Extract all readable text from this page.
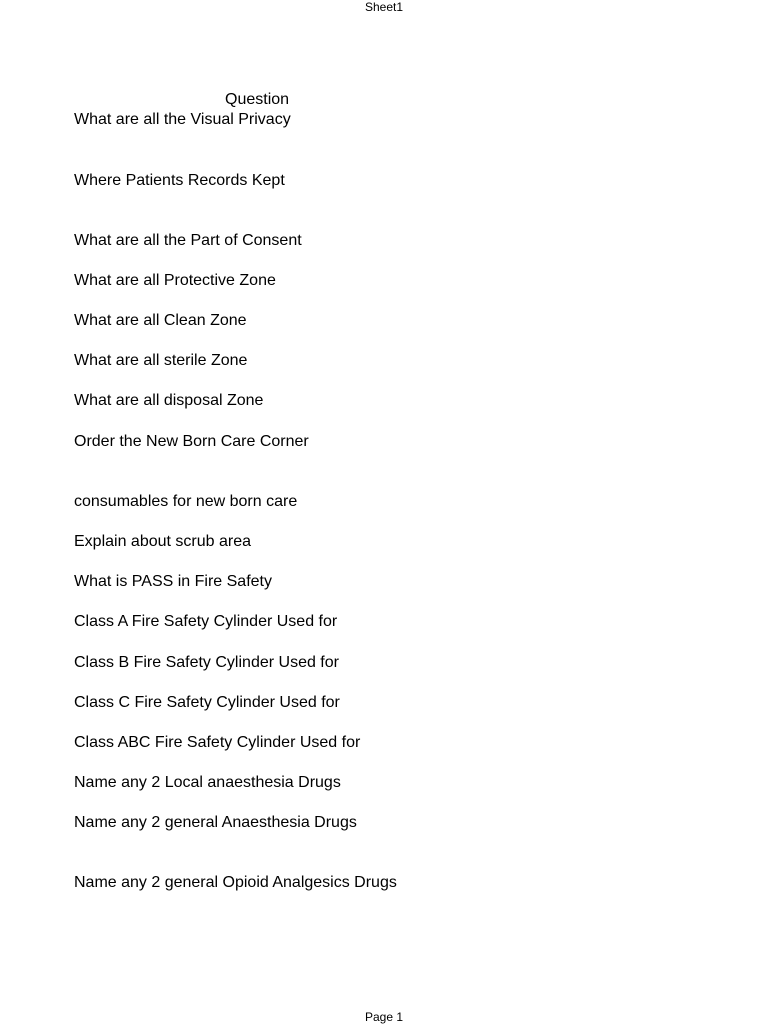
Sheet1
Question
What are all the Visual Privacy
Where Patients Records Kept
What are all the Part of Consent
What are all Protective Zone
What are all Clean Zone
What are all sterile Zone
What are all disposal Zone
Order the New Born Care Corner
consumables for new born care
Explain about scrub area
What is PASS in Fire Safety
Class A Fire Safety Cylinder Used for
Class B Fire Safety Cylinder Used for
Class C Fire Safety Cylinder Used for
Class ABC Fire Safety Cylinder Used for
Name any 2 Local anaesthesia Drugs
Name any 2 general Anaesthesia Drugs
Name any 2 general Opioid Analgesics Drugs
Page 1
